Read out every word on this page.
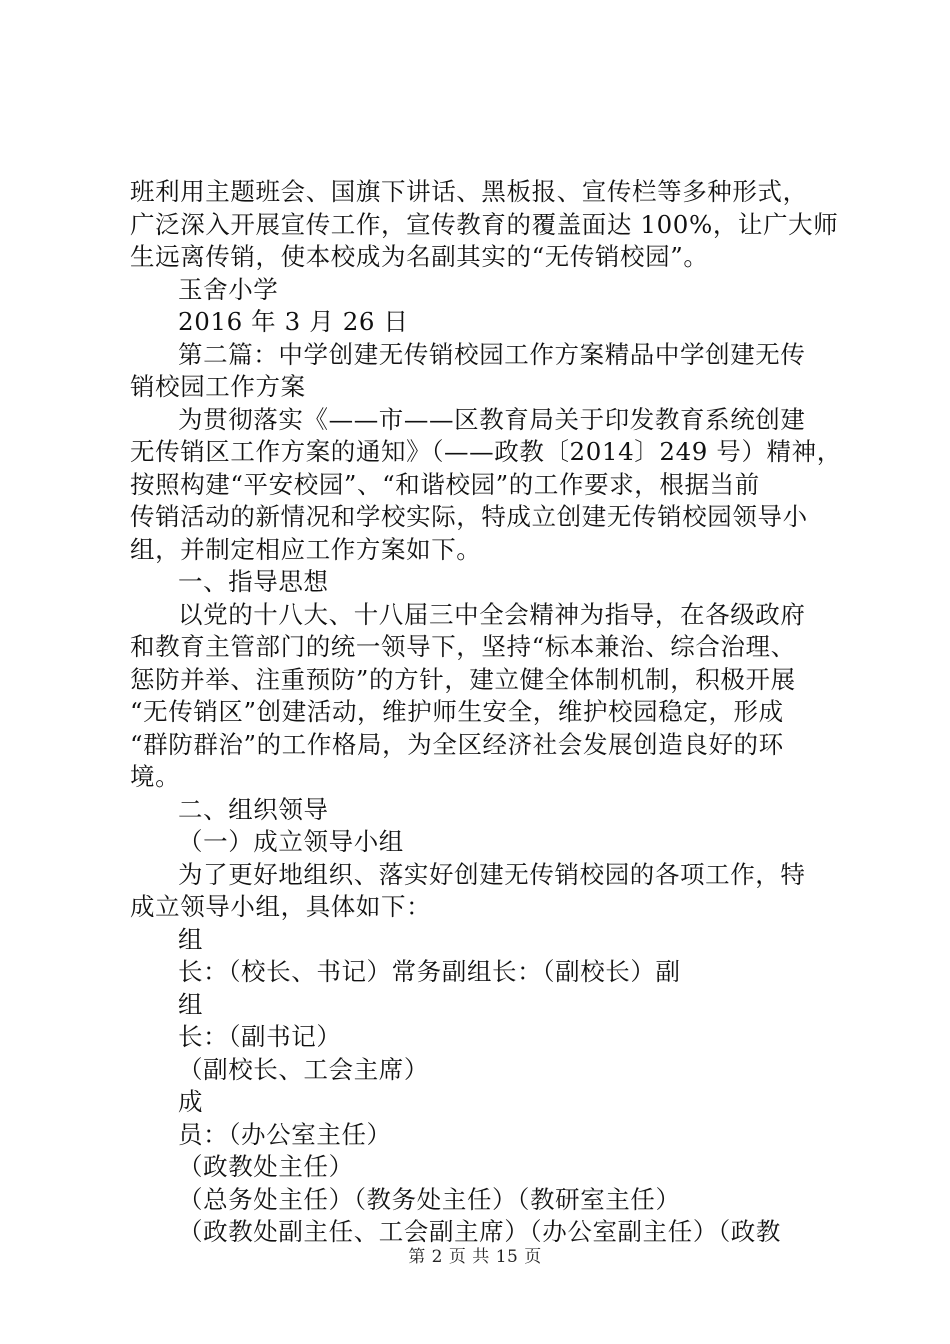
班利用主题班会、国旗下讲话、黑板报、宣传栏等多种形式，
广泛深入开展宣传工作，宣传教育的覆盖面达 100%，让广大师
生远离传销，使本校成为名副其实的“无传销校园”。
玉舍小学
2016 年 3 月 26 日
第二篇：中学创建无传销校园工作方案精品中学创建无传
销校园工作方案
为贯彻落实《——市——区教育局关于印发教育系统创建
无传销区工作方案的通知》（——政教〔2014〕249 号）精神，
按照构建“平安校园”、“和谐校园”的工作要求，根据当前
传销活动的新情况和学校实际，特成立创建无传销校园领导小
组，并制定相应工作方案如下。
一、指导思想
以党的十八大、十八届三中全会精神为指导，在各级政府
和教育主管部门的统一领导下，坚持“标本兼治、综合治理、
惩防并举、注重预防”的方针，建立健全体制机制，积极开展
“无传销区”创建活动，维护师生安全，维护校园稳定，形成
“群防群治”的工作格局，为全区经济社会发展创造良好的环
境。
二、组织领导
（一）成立领导小组
为了更好地组织、落实好创建无传销校园的各项工作，特
成立领导小组，具体如下：
组
长：（校长、书记）常务副组长：（副校长）副
组
长：（副书记）
（副校长、工会主席）
成
员：（办公室主任）
（政教处主任）
（总务处主任）（教务处主任）（教研室主任）
（政教处副主任、工会副主席）（办公室副主任）（政教
第 2 页 共 15 页
